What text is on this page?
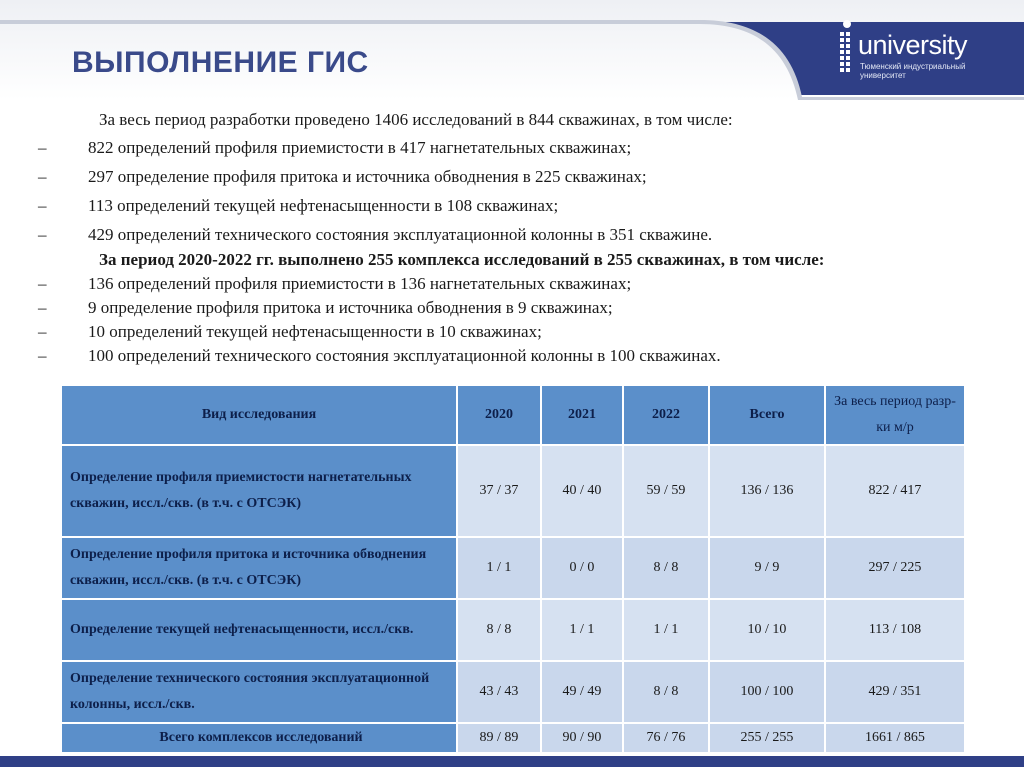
ВЫПОЛНЕНИЕ ГИС
university
Тюменский индустриальный университет
За весь период разработки проведено 1406 исследований в 844 скважинах, в том числе:
– 822 определений профиля приемистости в 417 нагнетательных скважинах;
– 297 определение профиля притока и источника обводнения в 225 скважинах;
– 113 определений текущей нефтенасыщенности в 108 скважинах;
– 429 определений технического состояния эксплуатационной колонны в 351 скважине.
За период 2020-2022 гг. выполнено 255 комплекса исследований в 255 скважинах, в том числе:
– 136 определений профиля приемистости в 136 нагнетательных скважинах;
– 9 определение профиля притока и источника обводнения в 9 скважинах;
– 10 определений текущей нефтенасыщенности в 10 скважинах;
– 100 определений технического состояния эксплуатационной колонны в 100 скважинах.
Вид исследования	2020	2021	2022	Всего	За весь период разр-ки м/р
Определение профиля приемистости нагнетательных скважин, иссл./скв. (в т.ч. с ОТСЭК)	37 / 37	40 / 40	59 / 59	136 / 136	822 / 417
Определение профиля притока и источника обводнения скважин, иссл./скв. (в т.ч. с ОТСЭК)	1 / 1	0 / 0	8 / 8	9 / 9	297 / 225
Определение текущей нефтенасыщенности, иссл./скв.	8 / 8	1 / 1	1 / 1	10 / 10	113 / 108
Определение технического состояния эксплуатационной колонны, иссл./скв.	43 / 43	49 / 49	8 / 8	100 / 100	429 / 351
Всего комплексов исследований	89 / 89	90 / 90	76 / 76	255 / 255	1661 / 865
